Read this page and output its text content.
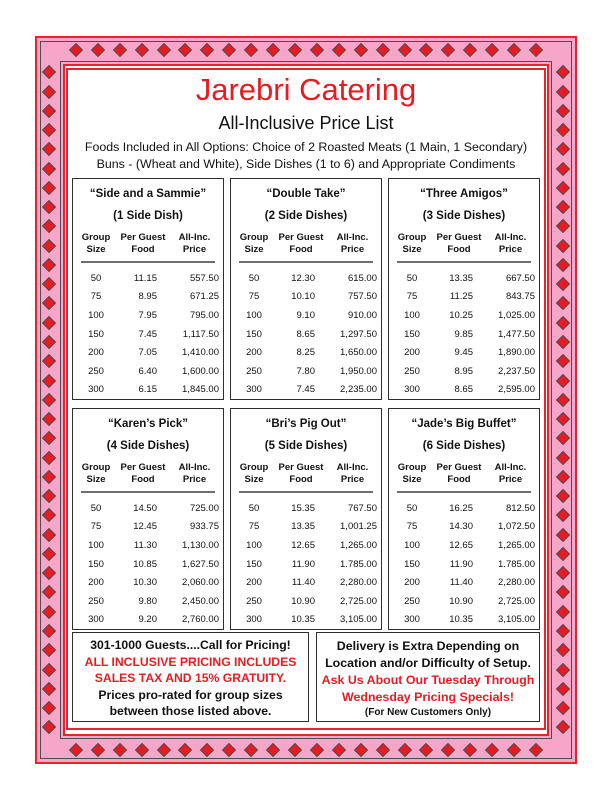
Jarebri Catering
All-Inclusive Price List
Foods Included in All Options: Choice of 2 Roasted Meats (1 Main, 1 Secondary)
Buns - (Wheat and White), Side Dishes (1 to 6) and Appropriate Condiments
“Side and a Sammie”
(1 Side Dish)
Group
Size
Per Guest
Food
All-Inc.
Price
50	11.15	557.50
75	8.95	671.25
100	7.95	795.00
150	7.45	1,117.50
200	7.05	1,410.00
250	6.40	1,600.00
300	6.15	1,845.00
“Double Take”
(2 Side Dishes)
Group
Size
Per Guest
Food
All-Inc.
Price
50	12.30	615.00
75	10.10	757.50
100	9.10	910.00
150	8.65	1,297.50
200	8.25	1,650.00
250	7.80	1,950.00
300	7.45	2,235.00
“Three Amigos”
(3 Side Dishes)
Group
Size
Per Guest
Food
All-Inc.
Price
50	13.35	667.50
75	11.25	843.75
100	10.25	1,025.00
150	9.85	1,477.50
200	9.45	1,890.00
250	8.95	2,237.50
300	8.65	2,595.00
“Karen’s Pick”
(4 Side Dishes)
Group
Size
Per Guest
Food
All-Inc.
Price
50	14.50	725.00
75	12.45	933.75
100	11.30	1,130.00
150	10.85	1,627.50
200	10.30	2,060.00
250	9.80	2,450.00
300	9.20	2,760.00
“Bri’s Pig Out”
(5 Side Dishes)
Group
Size
Per Guest
Food
All-Inc.
Price
50	15.35	767.50
75	13.35	1,001.25
100	12.65	1,265.00
150	11.90	1.785.00
200	11.40	2,280.00
250	10.90	2,725.00
300	10.35	3,105.00
“Jade’s Big Buffet”
(6 Side Dishes)
Group
Size
Per Guest
Food
All-Inc.
Price
50	16.25	812.50
75	14.30	1,072.50
100	12.65	1,265.00
150	11.90	1.785.00
200	11.40	2,280.00
250	10.90	2,725.00
300	10.35	3,105.00
301-1000 Guests....Call for Pricing!
ALL INCLUSIVE PRICING INCLUDES
SALES TAX AND 15% GRATUITY.
Prices pro-rated for group sizes
between those listed above.
Delivery is Extra Depending on
Location and/or Difficulty of Setup.
Ask Us About Our Tuesday Through
Wednesday Pricing Specials!
(For New Customers Only)
